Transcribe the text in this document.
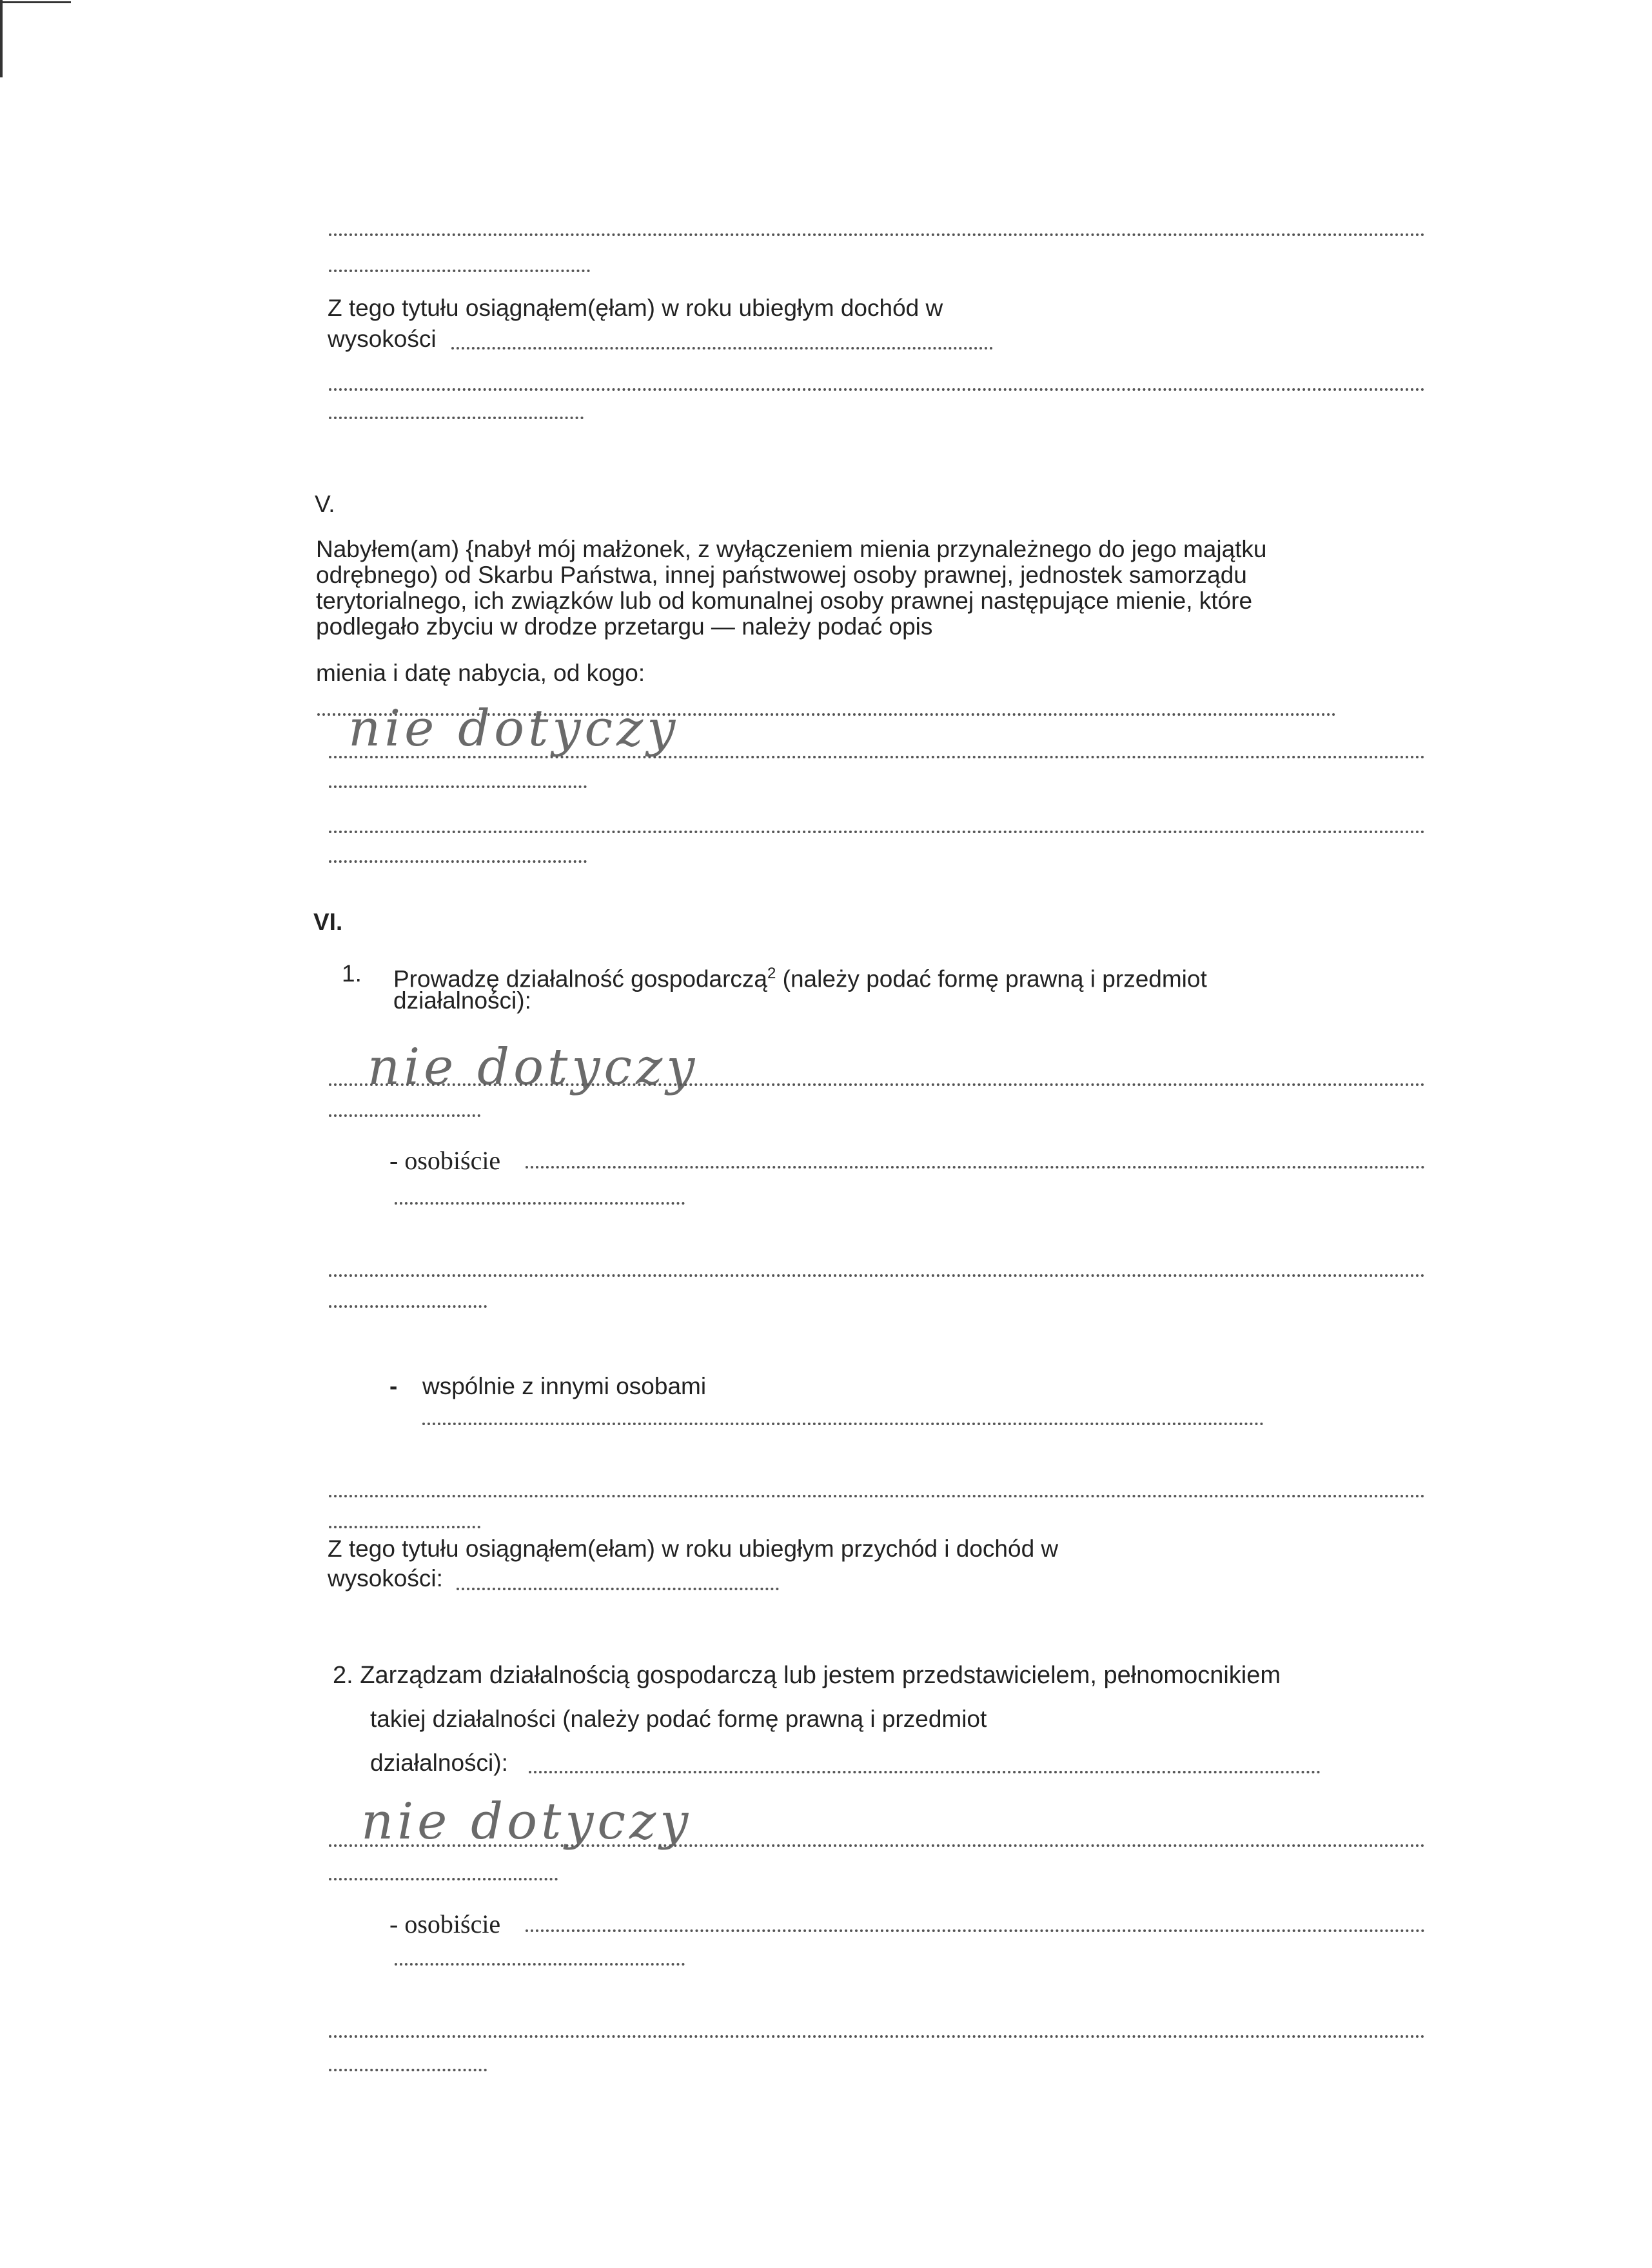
Z tego tytułu osiągnąłem(ęłam) w roku ubiegłym dochód w
wysokości
V.
Nabyłem(am) {nabył mój małżonek, z wyłączeniem mienia przynależnego do jego majątku
odrębnego) od Skarbu Państwa, innej państwowej osoby prawnej, jednostek samorządu
terytorialnego, ich związków lub od komunalnej osoby prawnej następujące mienie, które
podlegało zbyciu w drodze przetargu — należy podać opis
mienia i datę nabycia, od kogo:
nie dotyczy
VI.
1. Prowadzę działalność gospodarczą$^2$ (należy podać formę prawną i przedmiot
działalności):
nie dotyczy
- osobiście
- wspólnie z innymi osobami
Z tego tytułu osiągnąłem(ełam) w roku ubiegłym przychód i dochód w
wysokości:
2. Zarządzam działalnością gospodarczą lub jestem przedstawicielem, pełnomocnikiem
takiej działalności (należy podać formę prawną i przedmiot
działalności):
nie dotyczy
- osobiście
